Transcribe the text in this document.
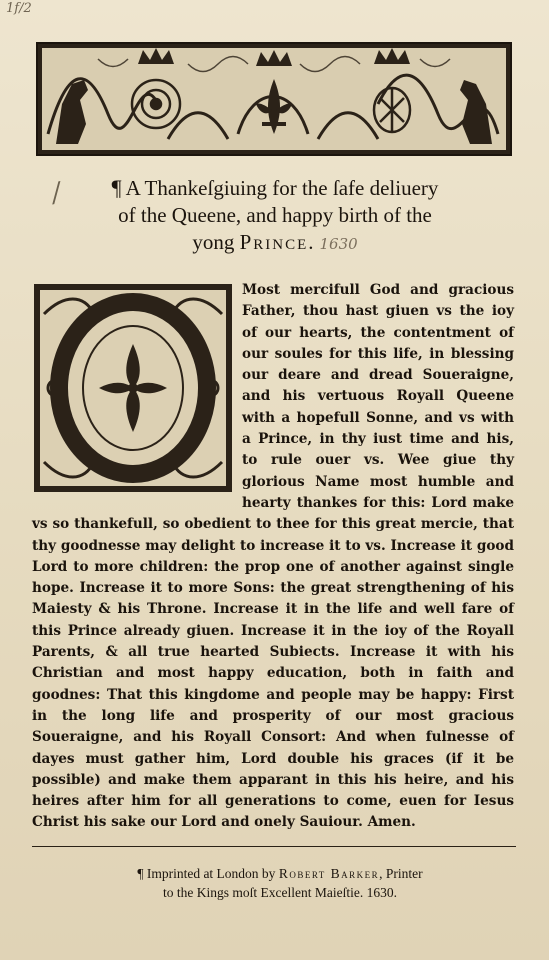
1f/2
/	¶ A Thankeſgiuing for the ſafe deliuery
of the Queene, and happy birth of the
yong Prince. 1630
O

Most mercifull God and gracious Father, thou hast giuen vs the ioy of our hearts, the contentment of our soules for this life, in blessing our deare and dread Soueraigne, and his vertuous Royall Queene with a hopefull Sonne, and vs with a Prince, in thy iust time and his, to rule ouer vs. Wee giue thy glorious Name most humble and hearty thankes for this: Lord make vs so thankefull, so obedient to thee for this great mercie, that thy goodnesse may delight to increase it to vs. Increase it good Lord to more children: the prop one of another against single hope. Increase it to more Sons: the great strengthening of his Maiesty & his Throne. Increase it in the life and well fare of this Prince already giuen. Increase it in the ioy of the Royall Parents, & all true hearted Subiects. Increase it with his Christian and most happy education, both in faith and goodnes: That this kingdome and people may be happy: First in the long life and prosperity of our most gracious Soueraigne, and his Royall Consort: And when fulnesse of dayes must gather him, Lord double his graces (if it be possible) and make them apparant in this his heire, and his heires after him for all generations to come, euen for Iesus Christ his sake our Lord and onely Sauiour. Amen.

¶ Imprinted at London by Robert Barker, Printer
to the Kings moſt Excellent Maieſtie. 1630.
